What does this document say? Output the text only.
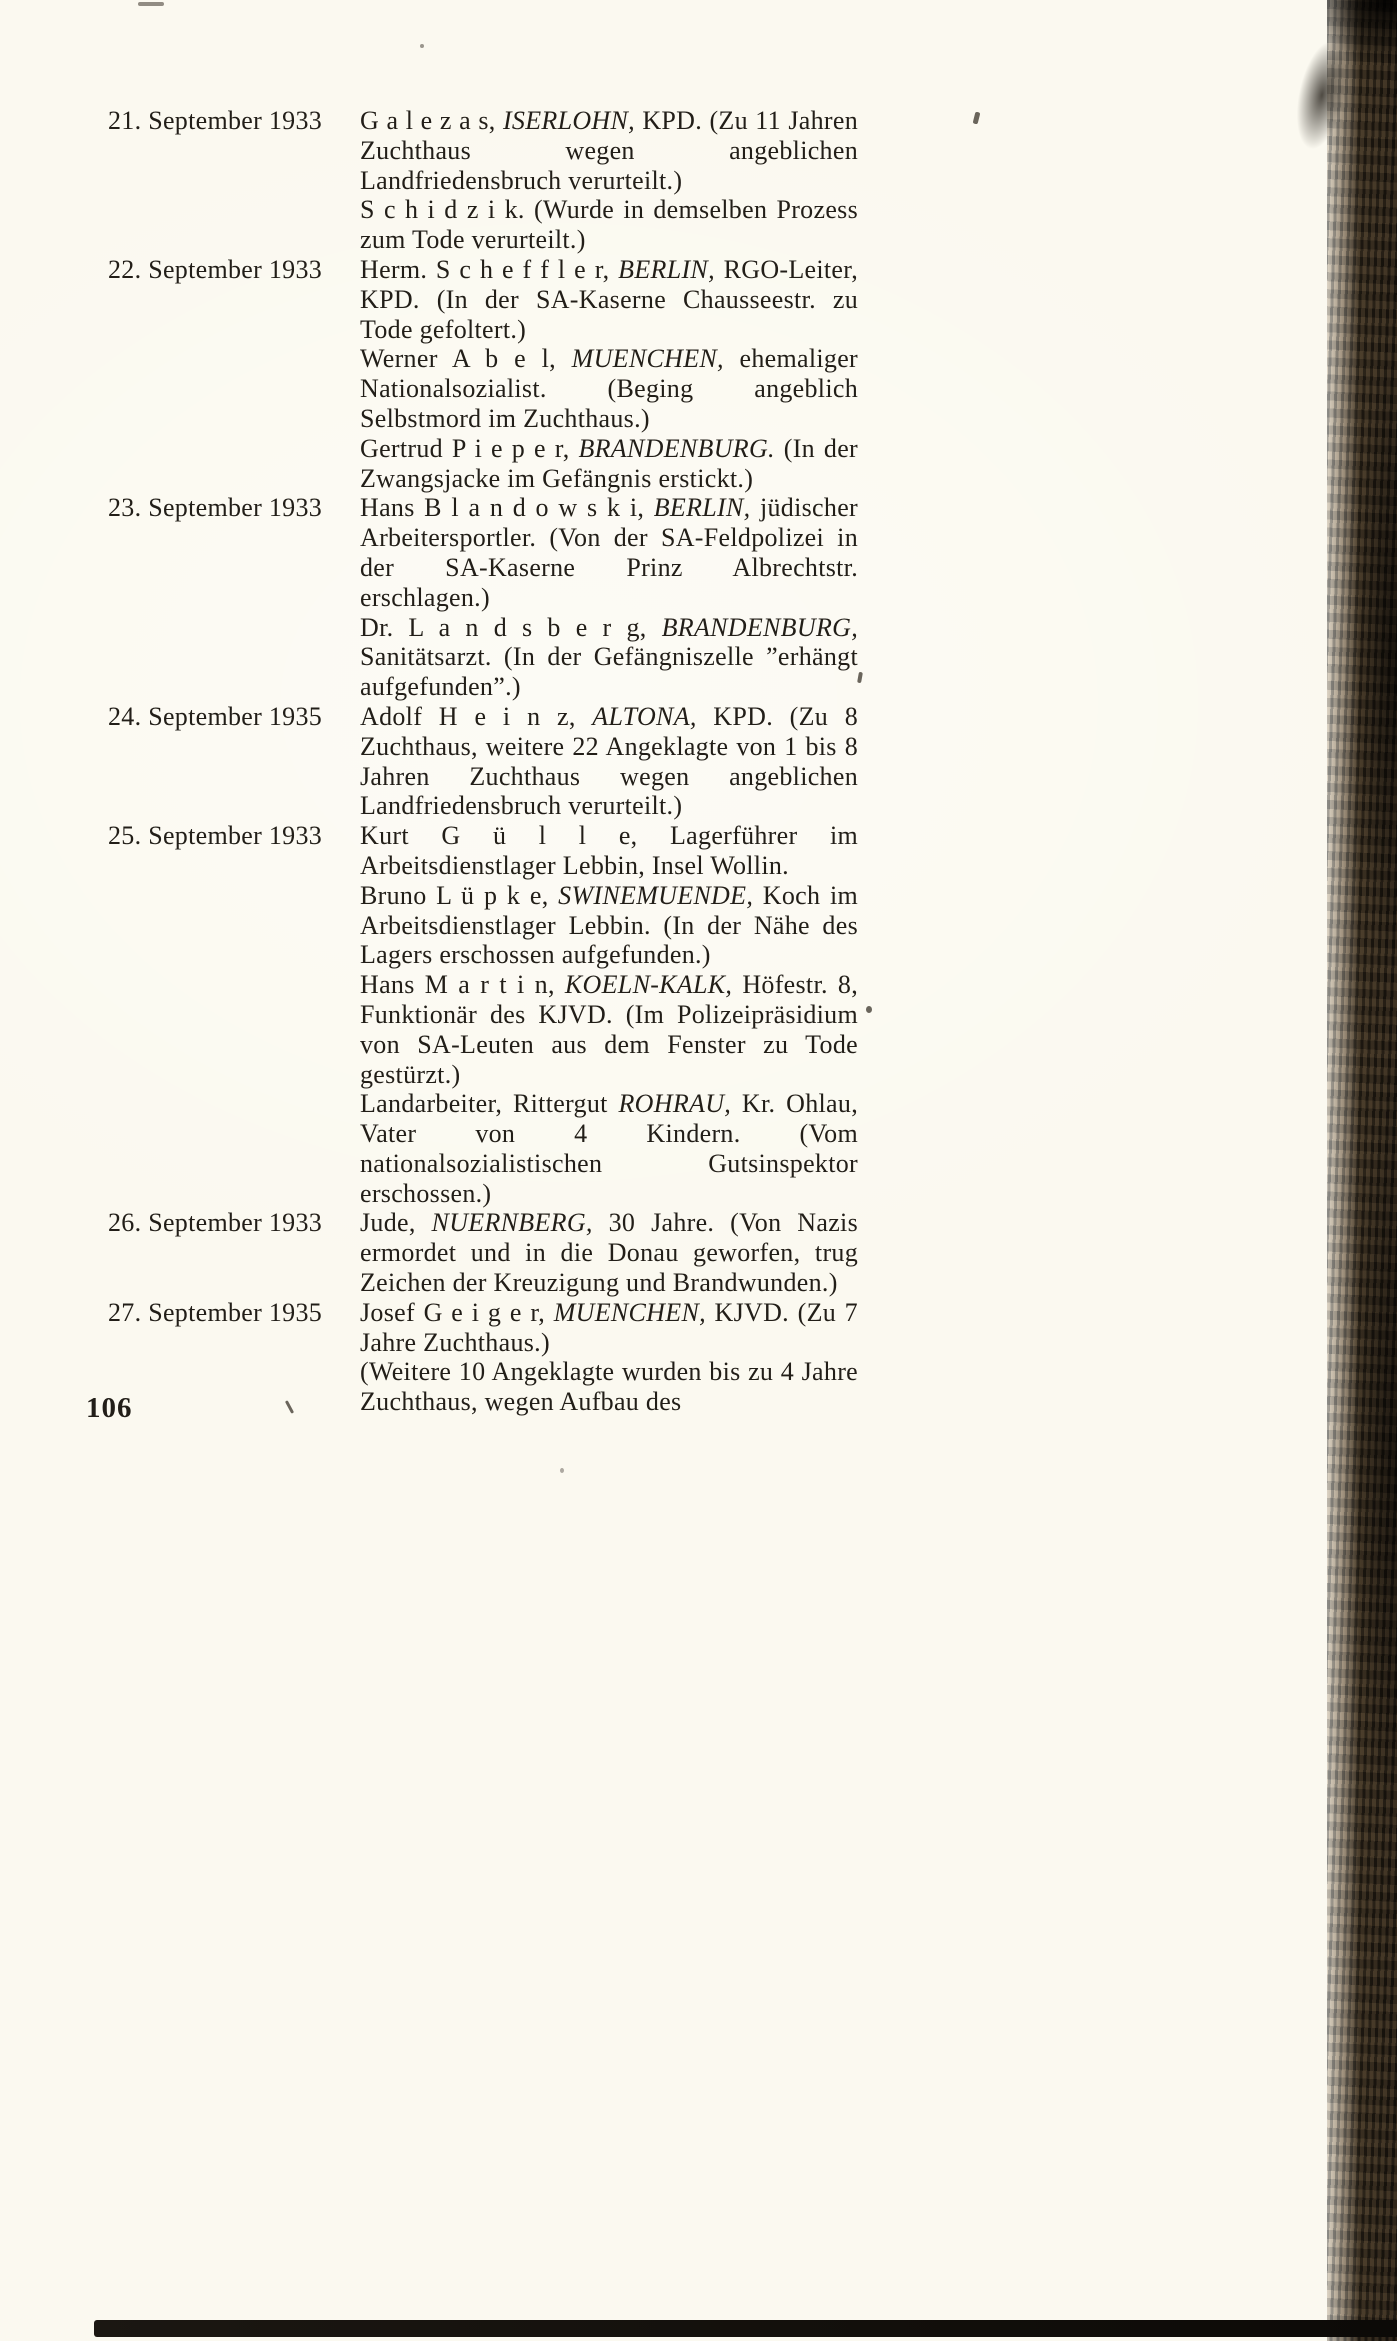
21. September 1933	G a l e z a s, ISERLOHN, KPD. (Zu 11 Jahren Zuchthaus wegen angeblichen Landfriedensbruch verurteilt.)

S c h i d z i k. (Wurde in demselben Prozess zum Tode verurteilt.)

22. September 1933	Herm. S c h e f f l e r, BERLIN, RGO-Leiter, KPD. (In der SA-Kaserne Chausseestr. zu Tode gefoltert.)

Werner A b e l, MUENCHEN, ehemaliger Nationalsozialist. (Beging angeblich Selbstmord im Zuchthaus.)

Gertrud P i e p e r, BRANDENBURG. (In der Zwangsjacke im Gefängnis erstickt.)

23. September 1933	Hans B l a n d o w s k i, BERLIN, jüdischer Arbeitersportler. (Von der SA-Feldpolizei in der SA-Kaserne Prinz Albrechtstr. erschlagen.)

Dr. L a n d s b e r g, BRANDENBURG, Sanitätsarzt. (In der Gefängniszelle ”erhängt aufgefunden”.)

24. September 1935	Adolf H e i n z, ALTONA, KPD. (Zu 8 Zuchthaus, weitere 22 Angeklagte von 1 bis 8 Jahren Zuchthaus wegen angeblichen Landfriedensbruch verurteilt.)

25. September 1933	Kurt G ü l l e, Lagerführer im Arbeitsdienstlager Lebbin, Insel Wollin.

Bruno L ü p k e, SWINEMUENDE, Koch im Arbeitsdienstlager Lebbin. (In der Nähe des Lagers erschossen aufgefunden.)

Hans M a r t i n, KOELN-KALK, Höfestr. 8, Funktionär des KJVD. (Im Polizeipräsidium von SA-Leuten aus dem Fenster zu Tode gestürzt.)

Landarbeiter, Rittergut ROHRAU, Kr. Ohlau, Vater von 4 Kindern. (Vom nationalsozialistischen Gutsinspektor erschossen.)

26. September 1933	Jude, NUERNBERG, 30 Jahre. (Von Nazis ermordet und in die Donau geworfen, trug Zeichen der Kreuzigung und Brandwunden.)

27. September 1935	Josef G e i g e r, MUENCHEN, KJVD. (Zu 7 Jahre Zuchthaus.)

(Weitere 10 Angeklagte wurden bis zu 4 Jahre Zuchthaus, wegen Aufbau des

106
